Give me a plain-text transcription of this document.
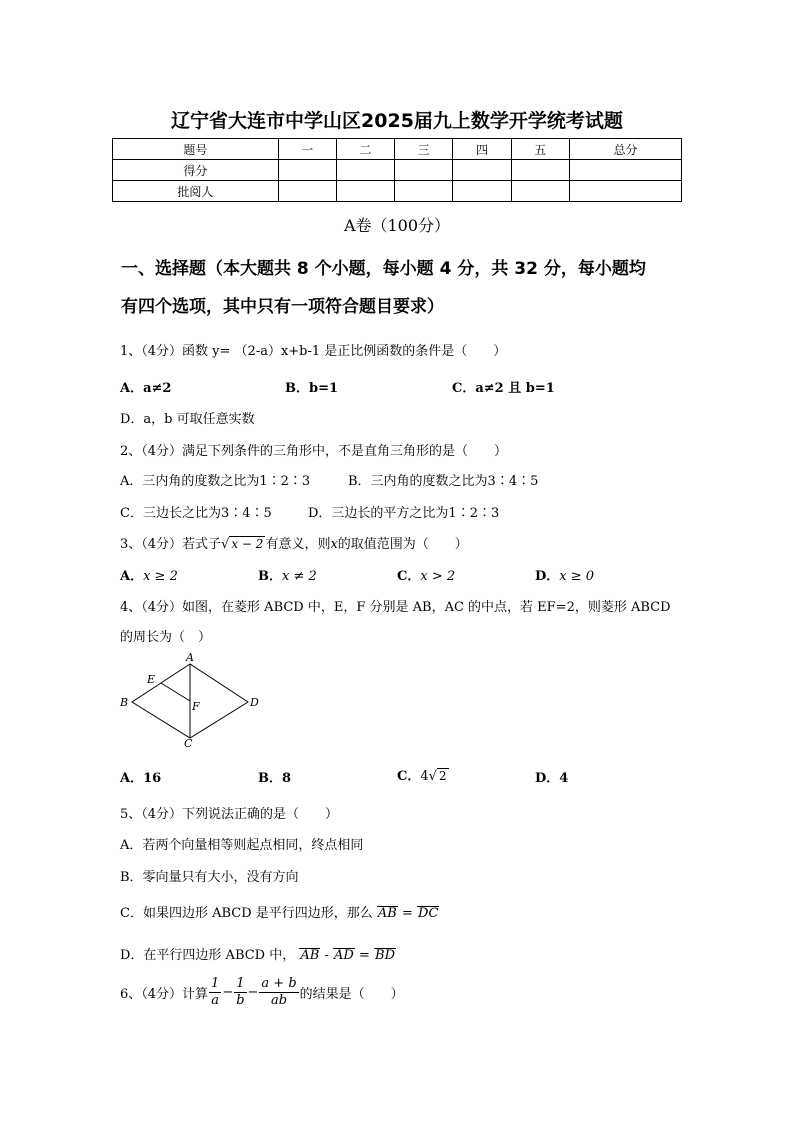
辽宁省大连市中学山区2025届九上数学开学统考试题
题号	一	二	三	四	五	总分
得分						
批阅人						
A卷（100分）
一、选择题（本大题共 8 个小题，每小题 4 分，共 32 分，每小题均
有四个选项，其中只有一项符合题目要求）
1、（4分）函数 y= （2-a）x+b-1 是正比例函数的条件是（　　）
A．a≠2	B．b=1	C．a≠2 且 b=1
D．a，b 可取任意实数
2、（4分）满足下列条件的三角形中，不是直角三角形的是（　　）
A．三内角的度数之比为1∶2∶3	B．三内角的度数之比为3∶4∶5
C．三边长之比为3∶4∶5	D．三边长的平方之比为1∶2∶3
3、（4分）若式子√ x − 2 有意义，则x的取值范围为（　　）
A．x ≥ 2	B．x ≠ 2	C．x > 2	D．x ≥ 0
4、（4分）如图，在菱形 ABCD 中，E，F 分别是 AB，AC 的中点，若 EF=2，则菱形 ABCD
的周长为（　）
A
B
C
D
E
F
A．16	B．8	C．4√ 2	D．4
5、（4分）下列说法正确的是（　　）
A．若两个向量相等则起点相同，终点相同
B．零向量只有大小，没有方向
C．如果四边形 ABCD 是平行四边形，那么 AB = DC
D．在平行四边形 ABCD 中， AB - AD = BD
6、（4分）计算 $\frac{1}{a} - \frac{1}{b} - \frac{a + b}{ab}$ 的结果是（　　）
